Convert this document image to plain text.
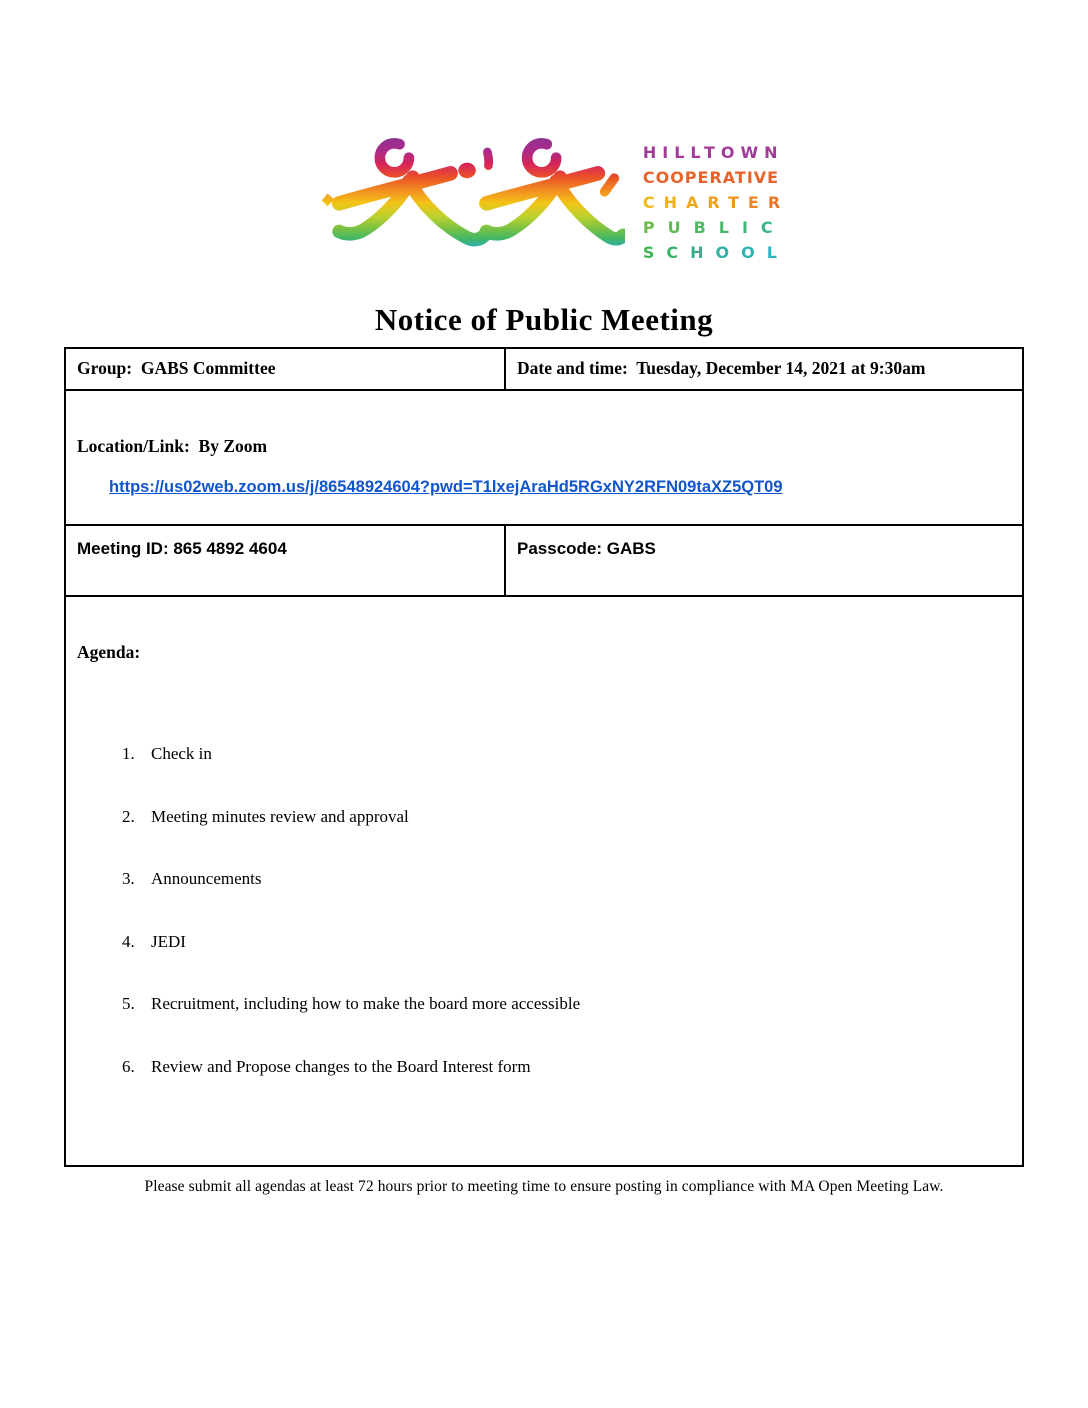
HILLTOWN
COOPERATIVE
CHARTER
PUBLIC
SCHOOL
Notice of Public Meeting
Group:  GABS Committee	Date and time:  Tuesday, December 14, 2021 at 9:30am

Location/Link:  By Zoom

https://us02web.zoom.us/j/86548924604?pwd=T1lxejAraHd5RGxNY2RFN09taXZ5QT09	

Meeting ID: 865 4892 4604	Passcode: GABS

Agenda:

1. Check in

2. Meeting minutes review and approval

3. Announcements

4. JEDI

5. Recruitment, including how to make the board more accessible

6. Review and Propose changes to the Board Interest form

Please submit all agendas at least 72 hours prior to meeting time to ensure posting in compliance with MA Open Meeting Law.
